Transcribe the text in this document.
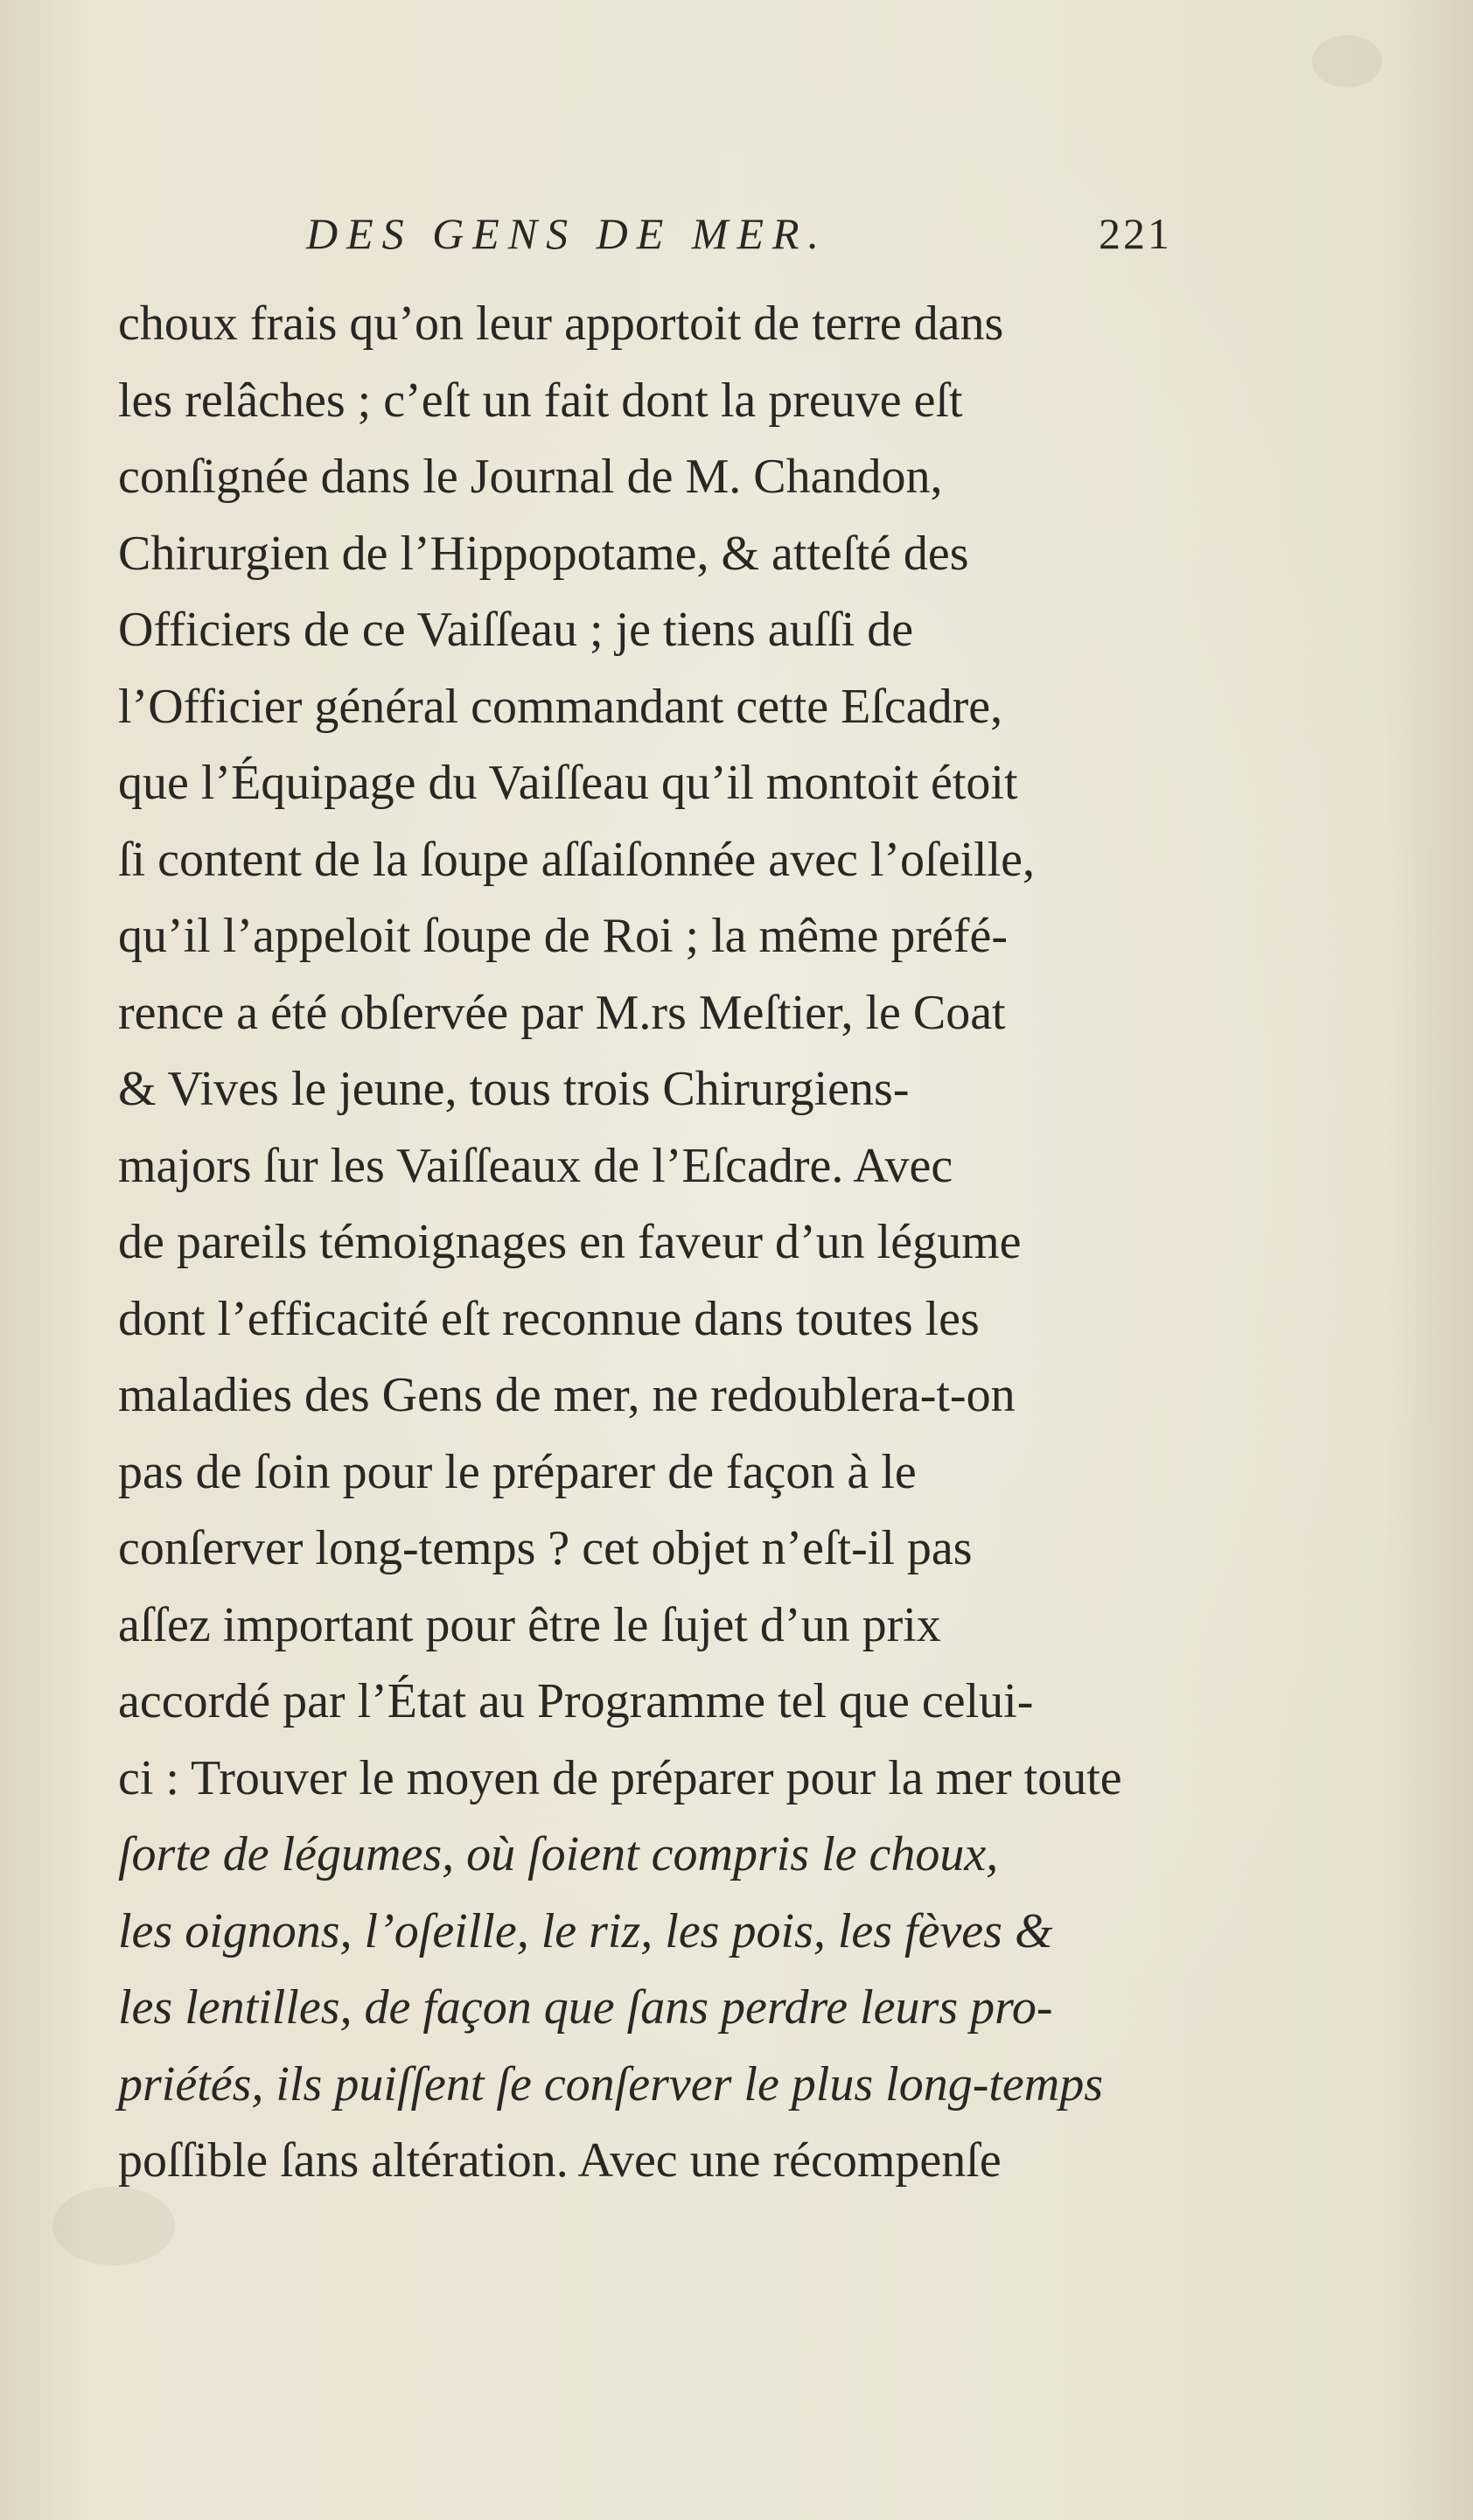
DES GENS DE MER.	221
choux frais qu’on leur apportoit de terre dans
les relâches ; c’eſt un fait dont la preuve eſt
conſignée dans le Journal de M. Chandon,
Chirurgien de l’Hippopotame, & atteſté des
Officiers de ce Vaiſſeau ; je tiens auſſi de
l’Officier général commandant cette Eſcadre,
que l’Équipage du Vaiſſeau qu’il montoit étoit
ſi content de la ſoupe aſſaiſonnée avec l’oſeille,
qu’il l’appeloit ſoupe de Roi ; la même préfé-
rence a été obſervée par M.rs Meſtier, le Coat
& Vives le jeune, tous trois Chirurgiens-
majors ſur les Vaiſſeaux de l’Eſcadre. Avec
de pareils témoignages en faveur d’un légume
dont l’efficacité eſt reconnue dans toutes les
maladies des Gens de mer, ne redoublera-t-on
pas de ſoin pour le préparer de façon à le
conſerver long-temps ? cet objet n’eſt-il pas
aſſez important pour être le ſujet d’un prix
accordé par l’État au Programme tel que celui-
ci : Trouver le moyen de préparer pour la mer toute
ſorte de légumes, où ſoient compris le choux,
les oignons, l’oſeille, le riz, les pois, les fèves &
les lentilles, de façon que ſans perdre leurs pro-
priétés, ils puiſſent ſe conſerver le plus long-temps
poſſible ſans altération. Avec une récompenſe
